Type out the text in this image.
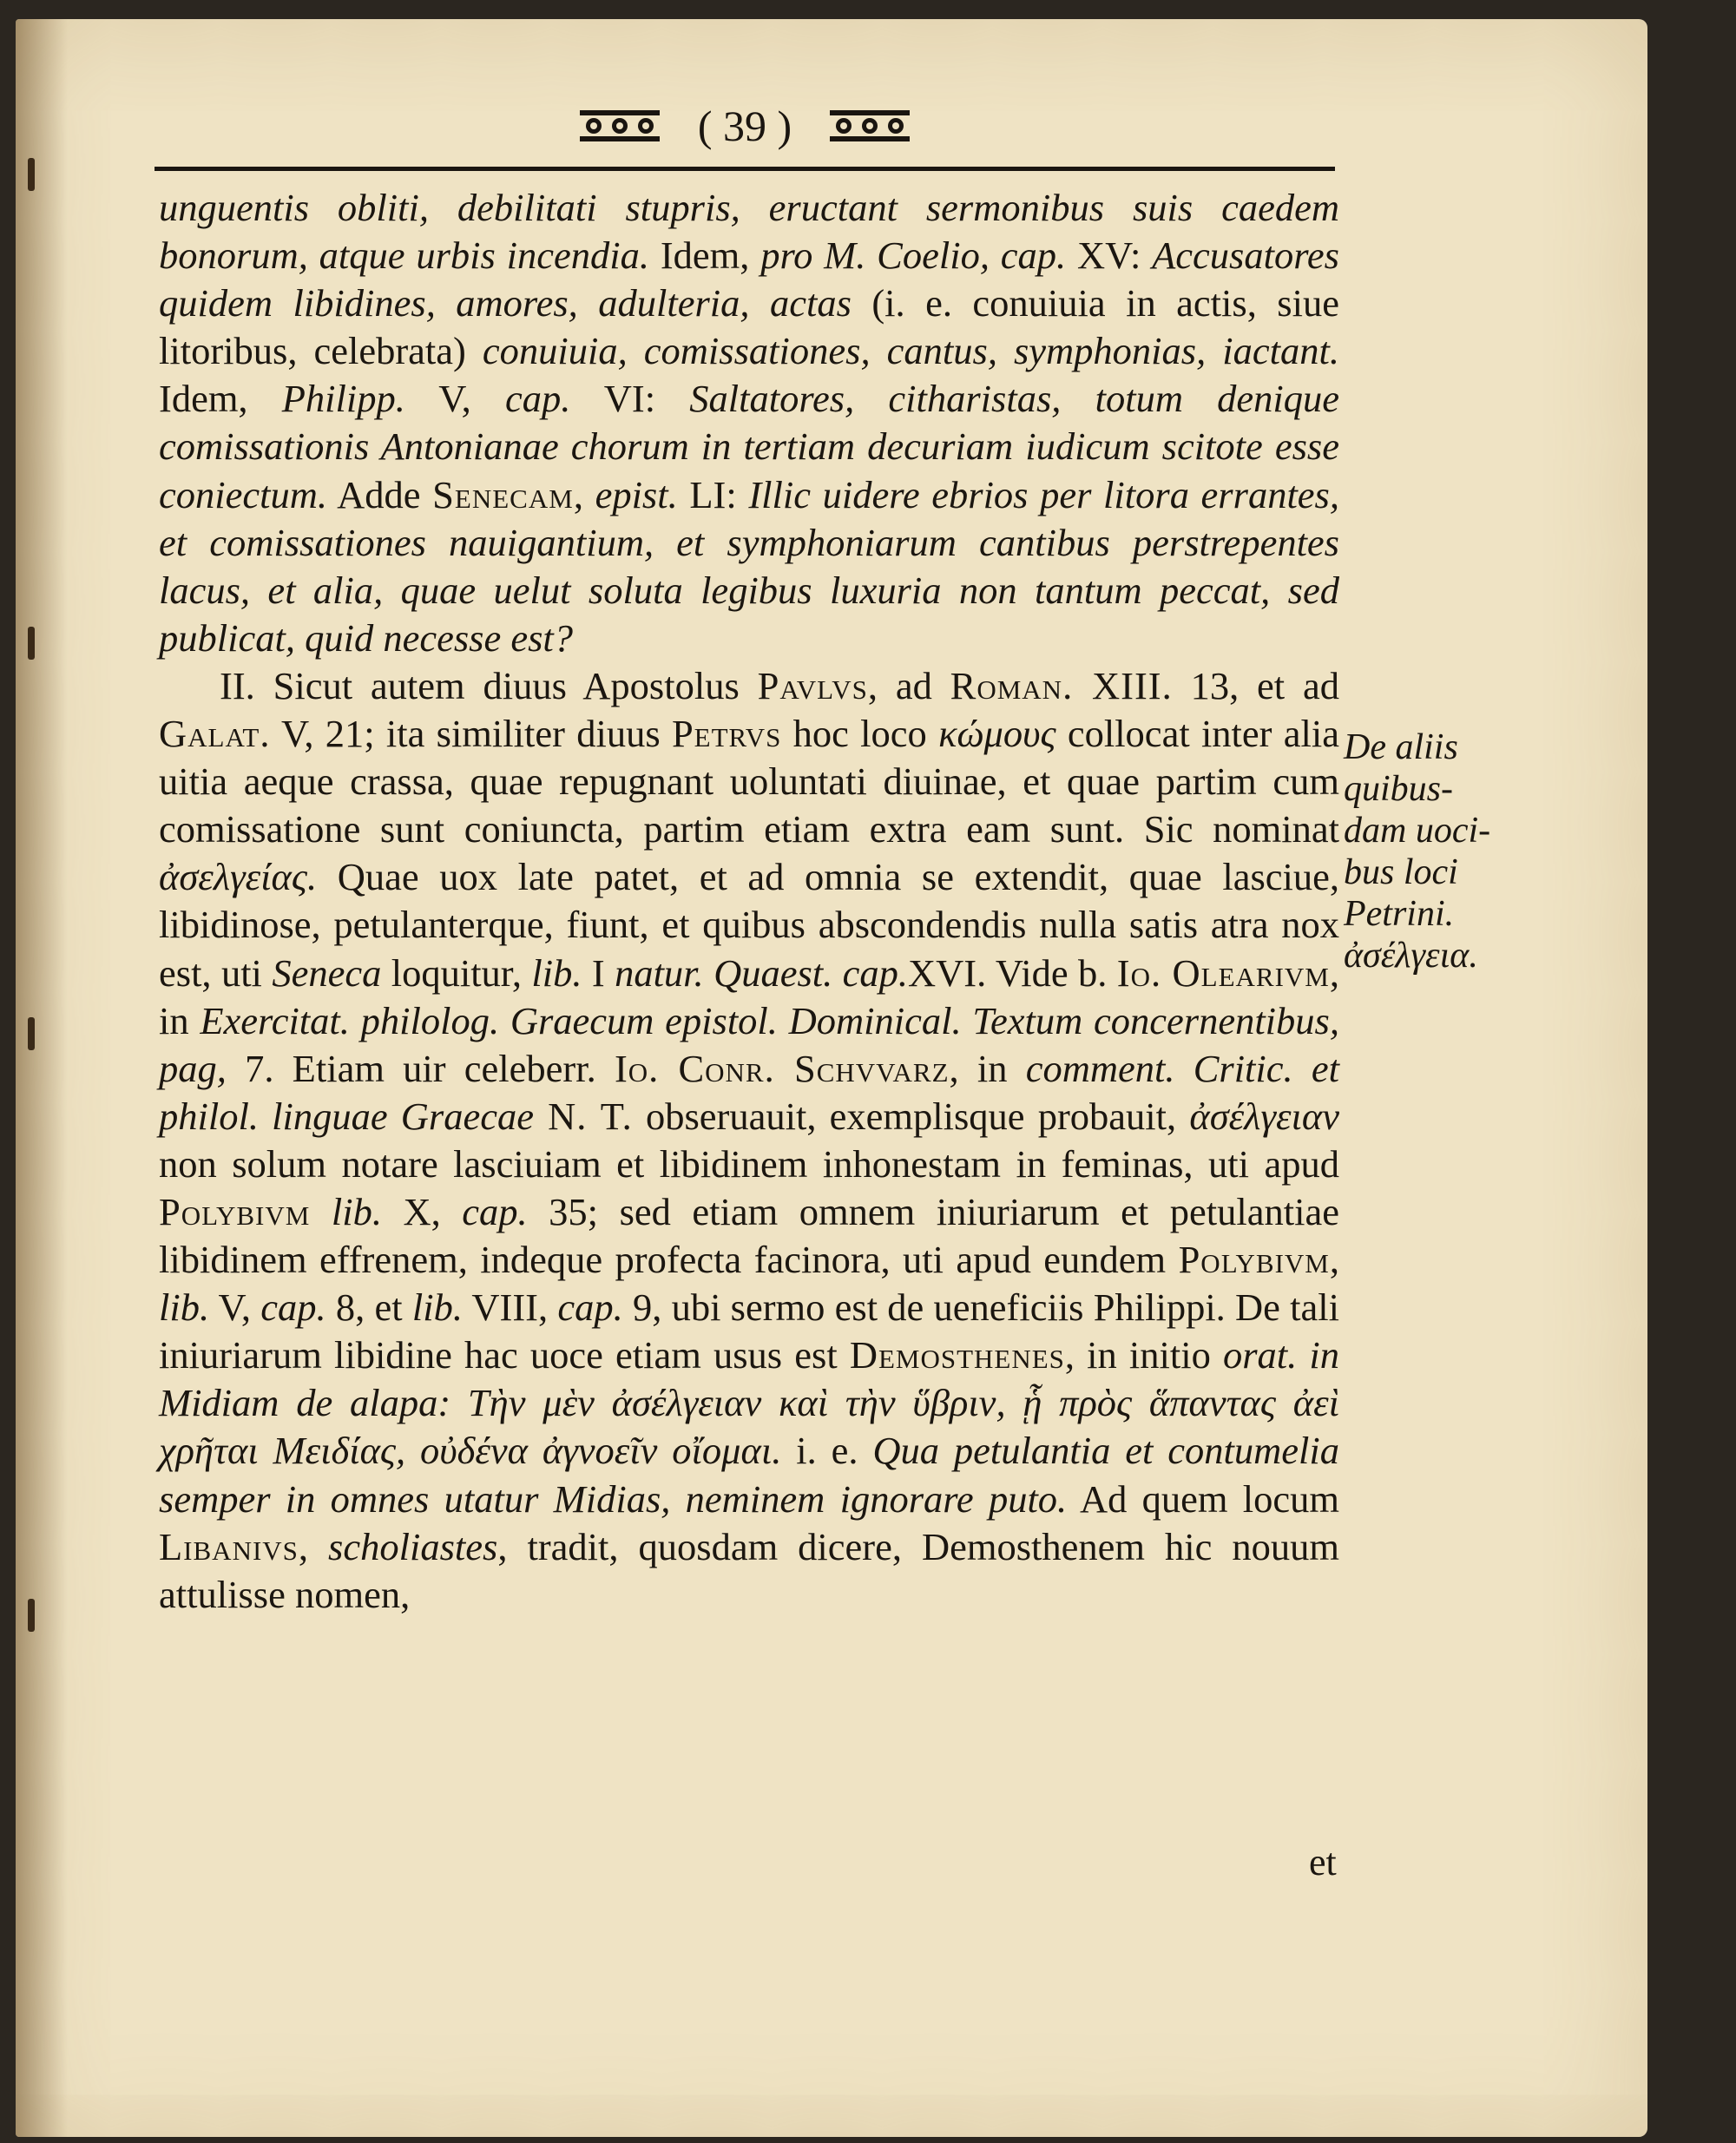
( 39 )

unguentis obliti, debilitati stupris, eructant sermonibus suis caedem bonorum, atque urbis incendia. Idem, pro M. Coelio, cap. XV: Accusatores quidem libidines, amores, adulteria, actas (i. e. conuiuia in actis, siue litoribus, celebrata) conuiuia, comissationes, cantus, symphonias, iactant. Idem, Philipp. V, cap. VI: Saltatores, citharistas, totum denique comissationis Antonianae chorum in tertiam decuriam iudicum scitote esse coniectum. Adde Senecam, epist. LI: Illic uidere ebrios per litora errantes, et comissationes nauigantium, et symphoniarum cantibus perstrepentes lacus, et alia, quae uelut soluta legibus luxuria non tantum peccat, sed publicat, quid necesse est?

II. Sicut autem diuus Apostolus Pavlvs, ad Roman. XIII. 13, et ad Galat. V, 21; ita similiter diuus Petrvs hoc loco κώμους collocat inter alia uitia aeque crassa, quae repugnant uoluntati diuinae, et quae partim cum comissatione sunt coniuncta, partim etiam extra eam sunt. Sic nominat ἀσελγείας. Quae uox late patet, et ad omnia se extendit, quae lasciue, libidinose, petulanterque, fiunt, et quibus abscondendis nulla satis atra nox est, uti Seneca loquitur, lib. I natur. Quaest. cap.XVI. Vide b. Io. Olearivm, in Exercitat. philolog. Graecum epistol. Dominical. Textum concernentibus, pag, 7. Etiam uir celeberr. Io. Conr. Schvvarz, in comment. Critic. et philol. linguae Graecae N. T. obseruauit, exemplisque probauit, ἀσέλγειαν non solum notare lasciuiam et libidinem inhonestam in feminas, uti apud Polybivm lib. X, cap. 35; sed etiam omnem iniuriarum et petulantiae libidinem effrenem, indeque profecta facinora, uti apud eundem Polybivm, lib. V, cap. 8, et lib. VIII, cap. 9, ubi sermo est de ueneficiis Philippi. De tali iniuriarum libidine hac uoce etiam usus est Demosthenes, in initio orat. in Midiam de alapa: Τὴν μὲν ἀσέλγειαν καὶ τὴν ὕβριν, ᾗ πρὸς ἅπαντας ἀεὶ χρῆται Μειδίας, οὐδένα ἀγνοεῖν οἴομαι. i. e. Qua petulantia et contumelia semper in omnes utatur Midias, neminem ignorare puto. Ad quem locum Libanivs, scholiastes, tradit, quosdam dicere, Demosthenem hic nouum attulisse nomen,

De aliis
quibus-
dam uoci-
bus loci
Petrini.
ἀσέλγεια.
et
